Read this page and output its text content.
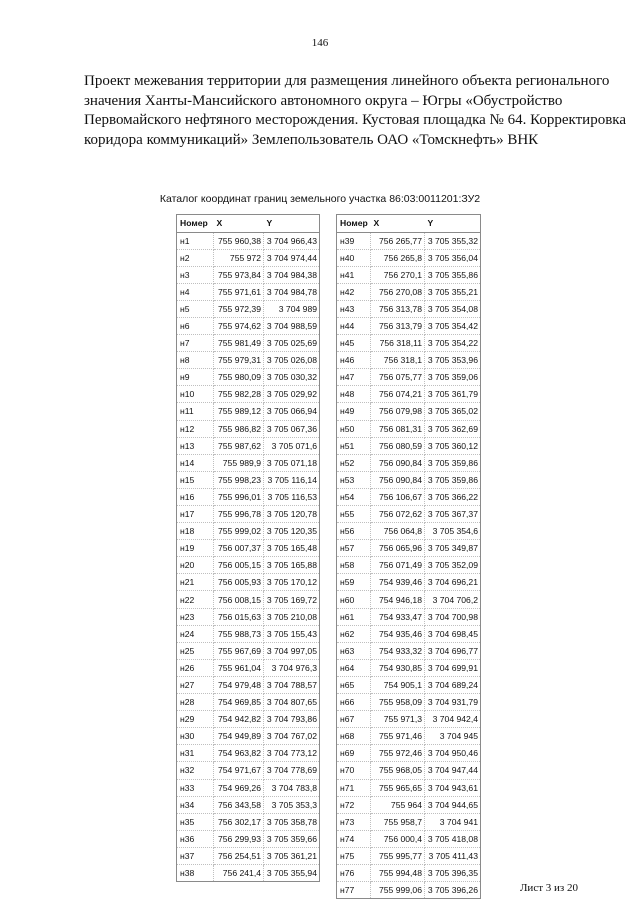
146
Проект межевания территории для размещения линейного объекта регионального
значения Ханты-Мансийского автономного округа – Югры «Обустройство
Первомайского нефтяного месторождения. Кустовая площадка № 64. Корректировка
коридора коммуникаций» Землепользователь ОАО «Томскнефть» ВНК
Каталог координат границ земельного участка 86:03:0011201:ЗУ2
Номер	X	Y
н1	755 960,38	3 704 966,43
н2	755 972	3 704 974,44
н3	755 973,84	3 704 984,38
н4	755 971,61	3 704 984,78
н5	755 972,39	3 704 989
н6	755 974,62	3 704 988,59
н7	755 981,49	3 705 025,69
н8	755 979,31	3 705 026,08
н9	755 980,09	3 705 030,32
н10	755 982,28	3 705 029,92
н11	755 989,12	3 705 066,94
н12	755 986,82	3 705 067,36
н13	755 987,62	3 705 071,6
н14	755 989,9	3 705 071,18
н15	755 998,23	3 705 116,14
н16	755 996,01	3 705 116,53
н17	755 996,78	3 705 120,78
н18	755 999,02	3 705 120,35
н19	756 007,37	3 705 165,48
н20	756 005,15	3 705 165,88
н21	756 005,93	3 705 170,12
н22	756 008,15	3 705 169,72
н23	756 015,63	3 705 210,08
н24	755 988,73	3 705 155,43
н25	755 967,69	3 704 997,05
н26	755 961,04	3 704 976,3
н27	754 979,48	3 704 788,57
н28	754 969,85	3 704 807,65
н29	754 942,82	3 704 793,86
н30	754 949,89	3 704 767,02
н31	754 963,82	3 704 773,12
н32	754 971,67	3 704 778,69
н33	754 969,26	3 704 783,8
н34	756 343,58	3 705 353,3
н35	756 302,17	3 705 358,78
н36	756 299,93	3 705 359,66
н37	756 254,51	3 705 361,21
н38	756 241,4	3 705 355,94
Номер	X	Y
н39	756 265,77	3 705 355,32
н40	756 265,8	3 705 356,04
н41	756 270,1	3 705 355,86
н42	756 270,08	3 705 355,21
н43	756 313,78	3 705 354,08
н44	756 313,79	3 705 354,42
н45	756 318,11	3 705 354,22
н46	756 318,1	3 705 353,96
н47	756 075,77	3 705 359,06
н48	756 074,21	3 705 361,79
н49	756 079,98	3 705 365,02
н50	756 081,31	3 705 362,69
н51	756 080,59	3 705 360,12
н52	756 090,84	3 705 359,86
н53	756 090,84	3 705 359,86
н54	756 106,67	3 705 366,22
н55	756 072,62	3 705 367,37
н56	756 064,8	3 705 354,6
н57	756 065,96	3 705 349,87
н58	756 071,49	3 705 352,09
н59	754 939,46	3 704 696,21
н60	754 946,18	3 704 706,2
н61	754 933,47	3 704 700,98
н62	754 935,46	3 704 698,45
н63	754 933,32	3 704 696,77
н64	754 930,85	3 704 699,91
н65	754 905,1	3 704 689,24
н66	755 958,09	3 704 931,79
н67	755 971,3	3 704 942,4
н68	755 971,46	3 704 945
н69	755 972,46	3 704 950,46
н70	755 968,05	3 704 947,44
н71	755 965,65	3 704 943,61
н72	755 964	3 704 944,65
н73	755 958,7	3 704 941
н74	756 000,4	3 705 418,08
н75	755 995,77	3 705 411,43
н76	755 994,48	3 705 396,35
н77	755 999,06	3 705 396,26	Лист 3 из 20
